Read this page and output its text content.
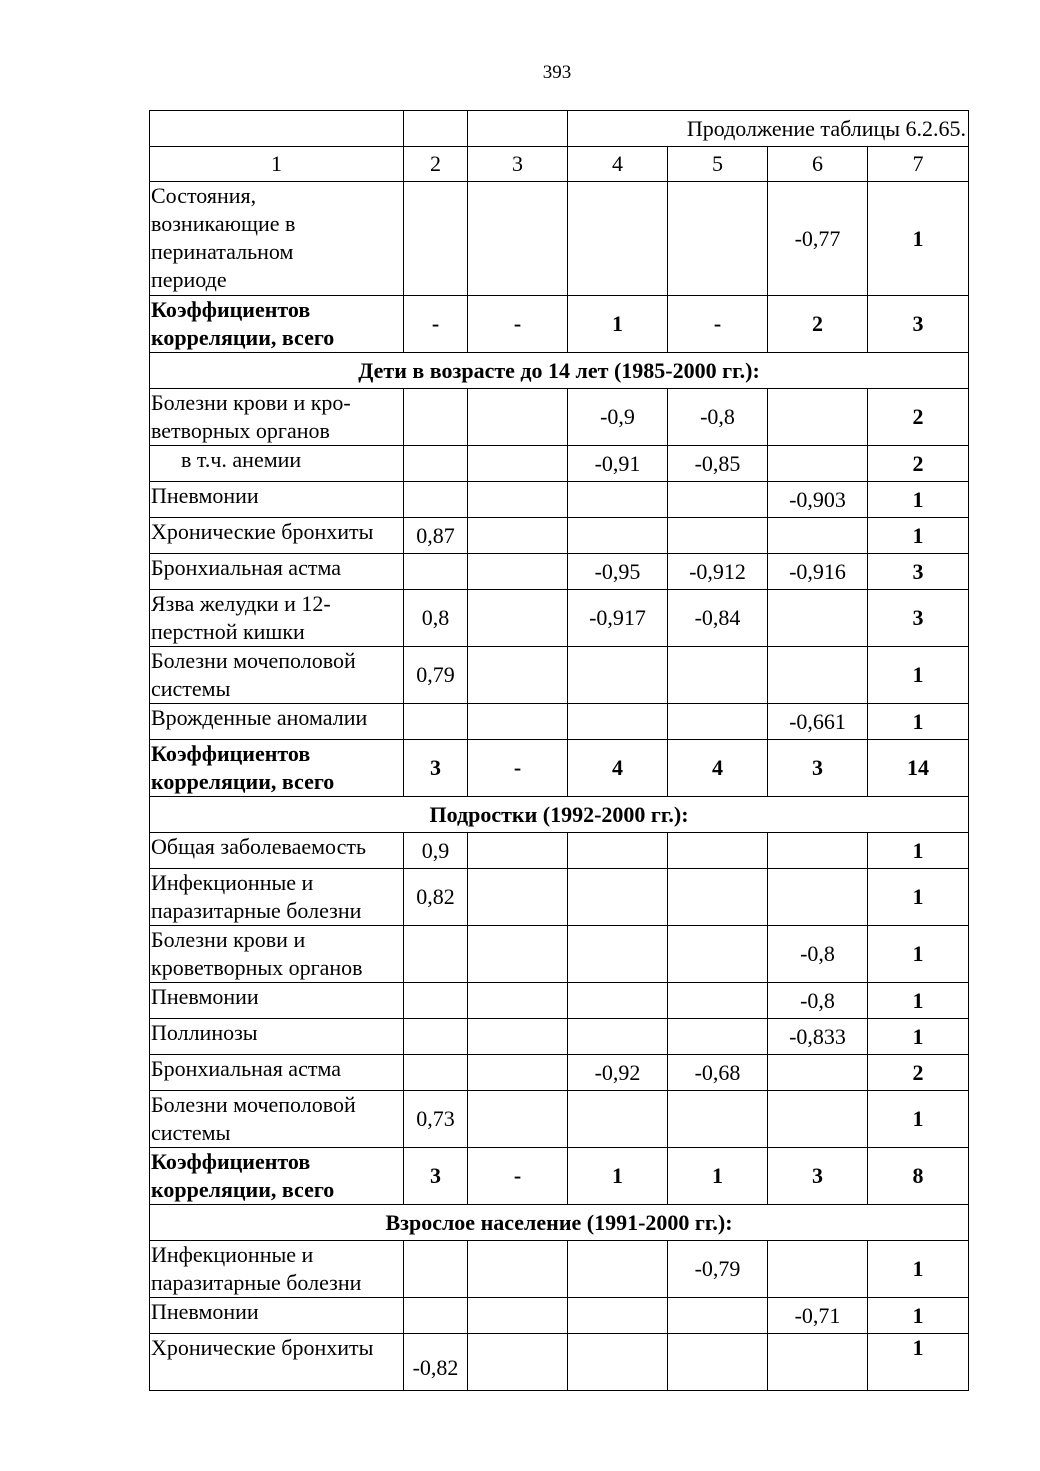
393
			Продолжение таблицы 6.2.65.			
1	2	3	4	5	6	7
Состояния,
возникающие в
перинатальном
периоде					-0,77	1
Коэффициентов
корреляции, всего	-	-	1	-	2	3
Дети в возрасте до 14 лет (1985-2000 гг.):						
Болезни крови и кро-
ветворных органов			-0,9	-0,8		2
в т.ч. анемии			-0,91	-0,85		2
Пневмонии					-0,903	1
Хронические бронхиты	0,87					1
Бронхиальная астма			-0,95	-0,912	-0,916	3
Язва желудки и 12-
перстной кишки	0,8		-0,917	-0,84		3
Болезни мочеполовой
системы	0,79					1
Врожденные аномалии					-0,661	1
Коэффициентов
корреляции, всего	3	-	4	4	3	14
Подростки (1992-2000 гг.):						
Общая заболеваемость	0,9					1
Инфекционные и
паразитарные болезни	0,82					1
Болезни крови и
кроветворных органов					-0,8	1
Пневмонии					-0,8	1
Поллинозы					-0,833	1
Бронхиальная астма			-0,92	-0,68		2
Болезни мочеполовой
системы	0,73					1
Коэффициентов
корреляции, всего	3	-	1	1	3	8
Взрослое население (1991-2000 гг.):						
Инфекционные и
паразитарные болезни				-0,79		1
Пневмонии					-0,71	1
Хронические бронхиты	-0,82					1
